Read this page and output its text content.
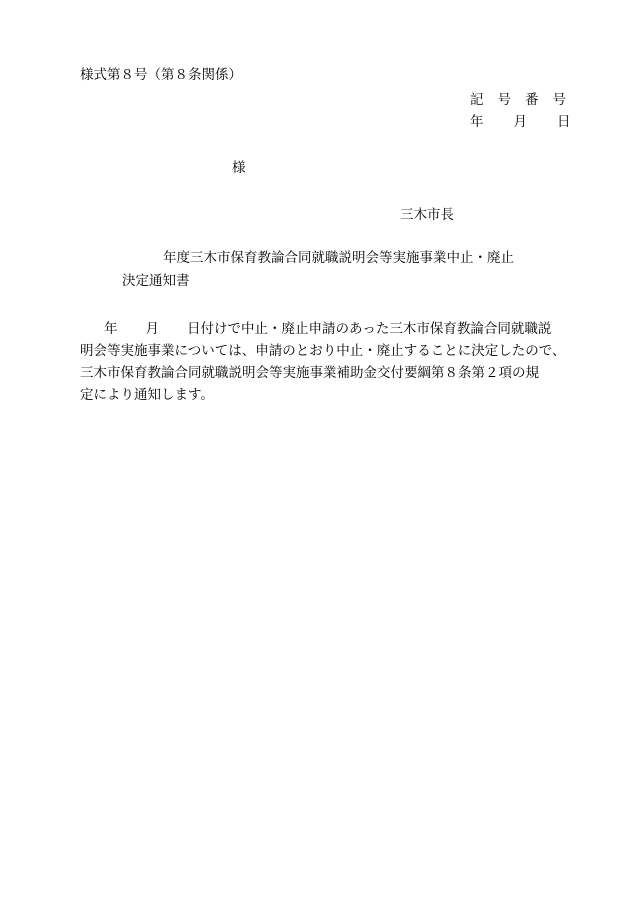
様式第８号（第８条関係）
記 号 番 号
年 月 日
様
三木市長
年度三木市保育教論合同就職説明会等実施事業中止・廃止
決定通知書
年 月 日付けで中止・廃止申請のあった三木市保育教論合同就職説
明会等実施事業については、申請のとおり中止・廃止することに決定したので、
三木市保育教論合同就職説明会等実施事業補助金交付要綱第８条第２項の規
定により通知します。
